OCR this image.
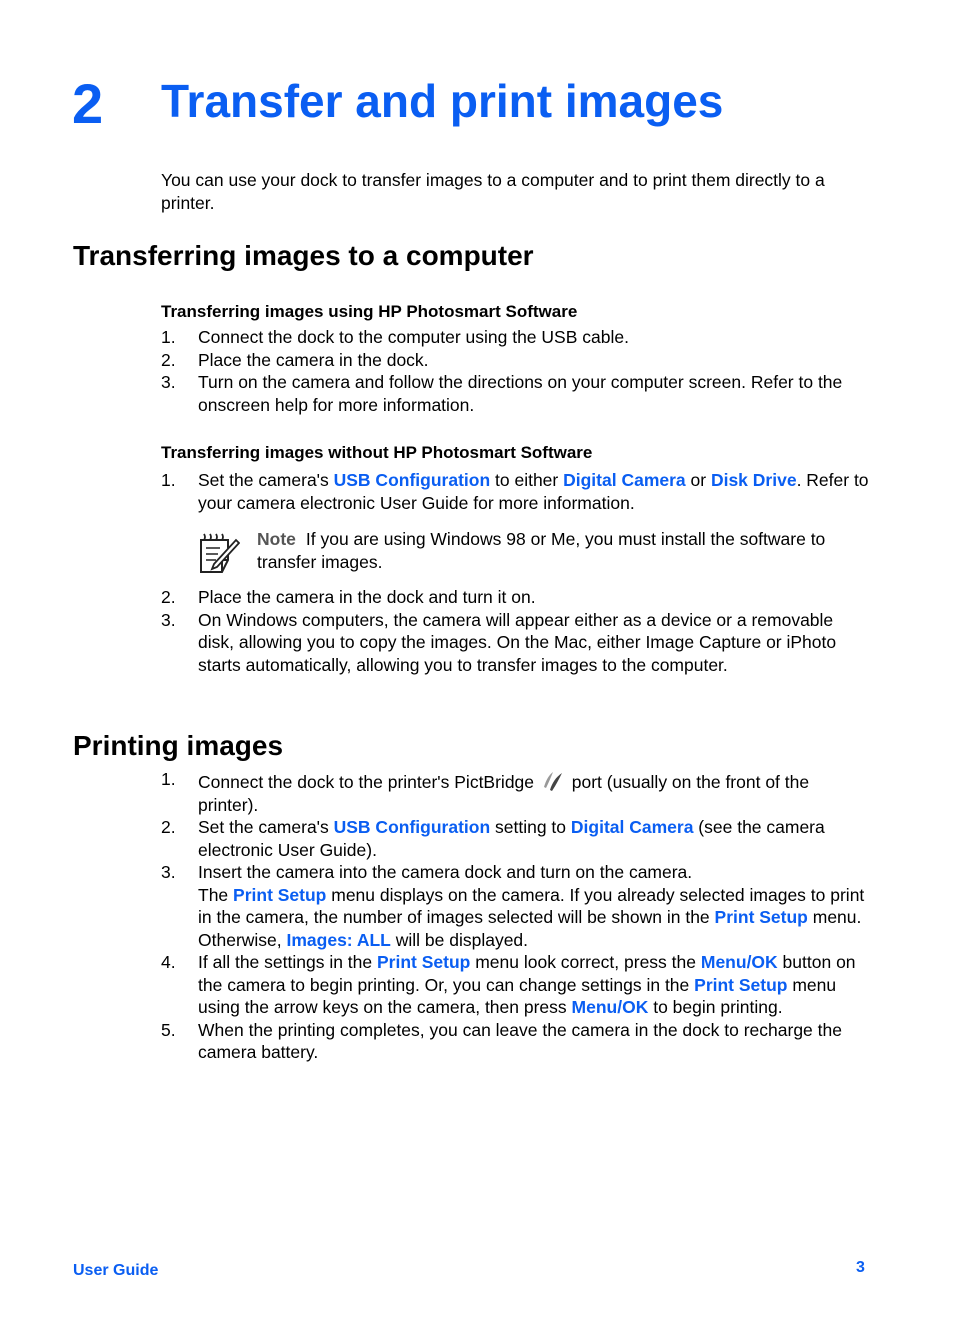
2 Transfer and print images
You can use your dock to transfer images to a computer and to print them directly to a printer.
Transferring images to a computer
Transferring images using HP Photosmart Software
1. Connect the dock to the computer using the USB cable.
2. Place the camera in the dock.
3. Turn on the camera and follow the directions on your computer screen. Refer to the onscreen help for more information.
Transferring images without HP Photosmart Software
1. Set the camera's USB Configuration to either Digital Camera or Disk Drive. Refer to your camera electronic User Guide for more information.
Note If you are using Windows 98 or Me, you must install the software to transfer images.
2. Place the camera in the dock and turn it on.
3. On Windows computers, the camera will appear either as a device or a removable disk, allowing you to copy the images. On the Mac, either Image Capture or iPhoto starts automatically, allowing you to transfer images to the computer.
Printing images
1. Connect the dock to the printer's PictBridge  port (usually on the front of the printer).
2. Set the camera's USB Configuration setting to Digital Camera (see the camera electronic User Guide).
3. Insert the camera into the camera dock and turn on the camera.
The Print Setup menu displays on the camera. If you already selected images to print in the camera, the number of images selected will be shown in the Print Setup menu. Otherwise, Images: ALL will be displayed.
4. If all the settings in the Print Setup menu look correct, press the Menu/OK button on the camera to begin printing. Or, you can change settings in the Print Setup menu using the arrow keys on the camera, then press Menu/OK to begin printing.
5. When the printing completes, you can leave the camera in the dock to recharge the camera battery.
User Guide	3
